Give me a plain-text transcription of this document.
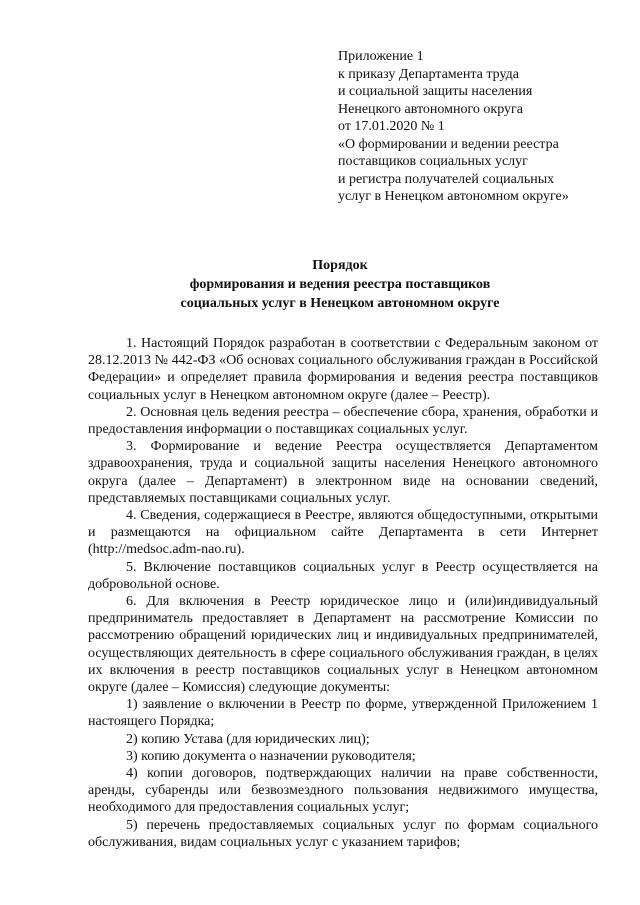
Приложение 1
к приказу Департамента труда
и социальной защиты населения
Ненецкого автономного округа
от 17.01.2020 № 1
«О формировании и ведении реестра
поставщиков социальных услуг
и регистра получателей социальных
услуг в Ненецком автономном округе»
Порядок
формирования и ведения реестра поставщиков
социальных услуг в Ненецком автономном округе

1. Настоящий Порядок разработан в соответствии с Федеральным законом от 28.12.2013 № 442-ФЗ «Об основах социального обслуживания граждан в Российской Федерации» и определяет правила формирования и ведения реестра поставщиков социальных услуг в Ненецком автономном округе (далее – Реестр).

2. Основная цель ведения реестра – обеспечение сбора, хранения, обработки и предоставления информации о поставщиках социальных услуг.

3. Формирование и ведение Реестра осуществляется Департаментом здравоохранения, труда и социальной защиты населения Ненецкого автономного округа (далее – Департамент) в электронном виде на основании сведений, представляемых поставщиками социальных услуг.

4. Сведения, содержащиеся в Реестре, являются общедоступными, открытыми и размещаются на официальном сайте Департамента в сети Интернет (http://medsoc.adm-nao.ru).

5. Включение поставщиков социальных услуг в Реестр осуществляется на добровольной основе.

6. Для включения в Реестр юридическое лицо и (или)индивидуальный предприниматель предоставляет в Департамент на рассмотрение Комиссии по рассмотрению обращений юридических лиц и индивидуальных предпринимателей, осуществляющих деятельность в сфере социального обслуживания граждан, в целях их включения в реестр поставщиков социальных услуг в Ненецком автономном округе (далее – Комиссия) следующие документы:

1) заявление о включении в Реестр по форме, утвержденной Приложением 1 настоящего Порядка;

2) копию Устава (для юридических лиц);

3) копию документа о назначении руководителя;

4) копии договоров, подтверждающих наличии на праве собственности, аренды, субаренды или безвозмездного пользования недвижимого имущества, необходимого для предоставления социальных услуг;

5) перечень предоставляемых социальных услуг по формам социального обслуживания, видам социальных услуг с указанием тарифов;
